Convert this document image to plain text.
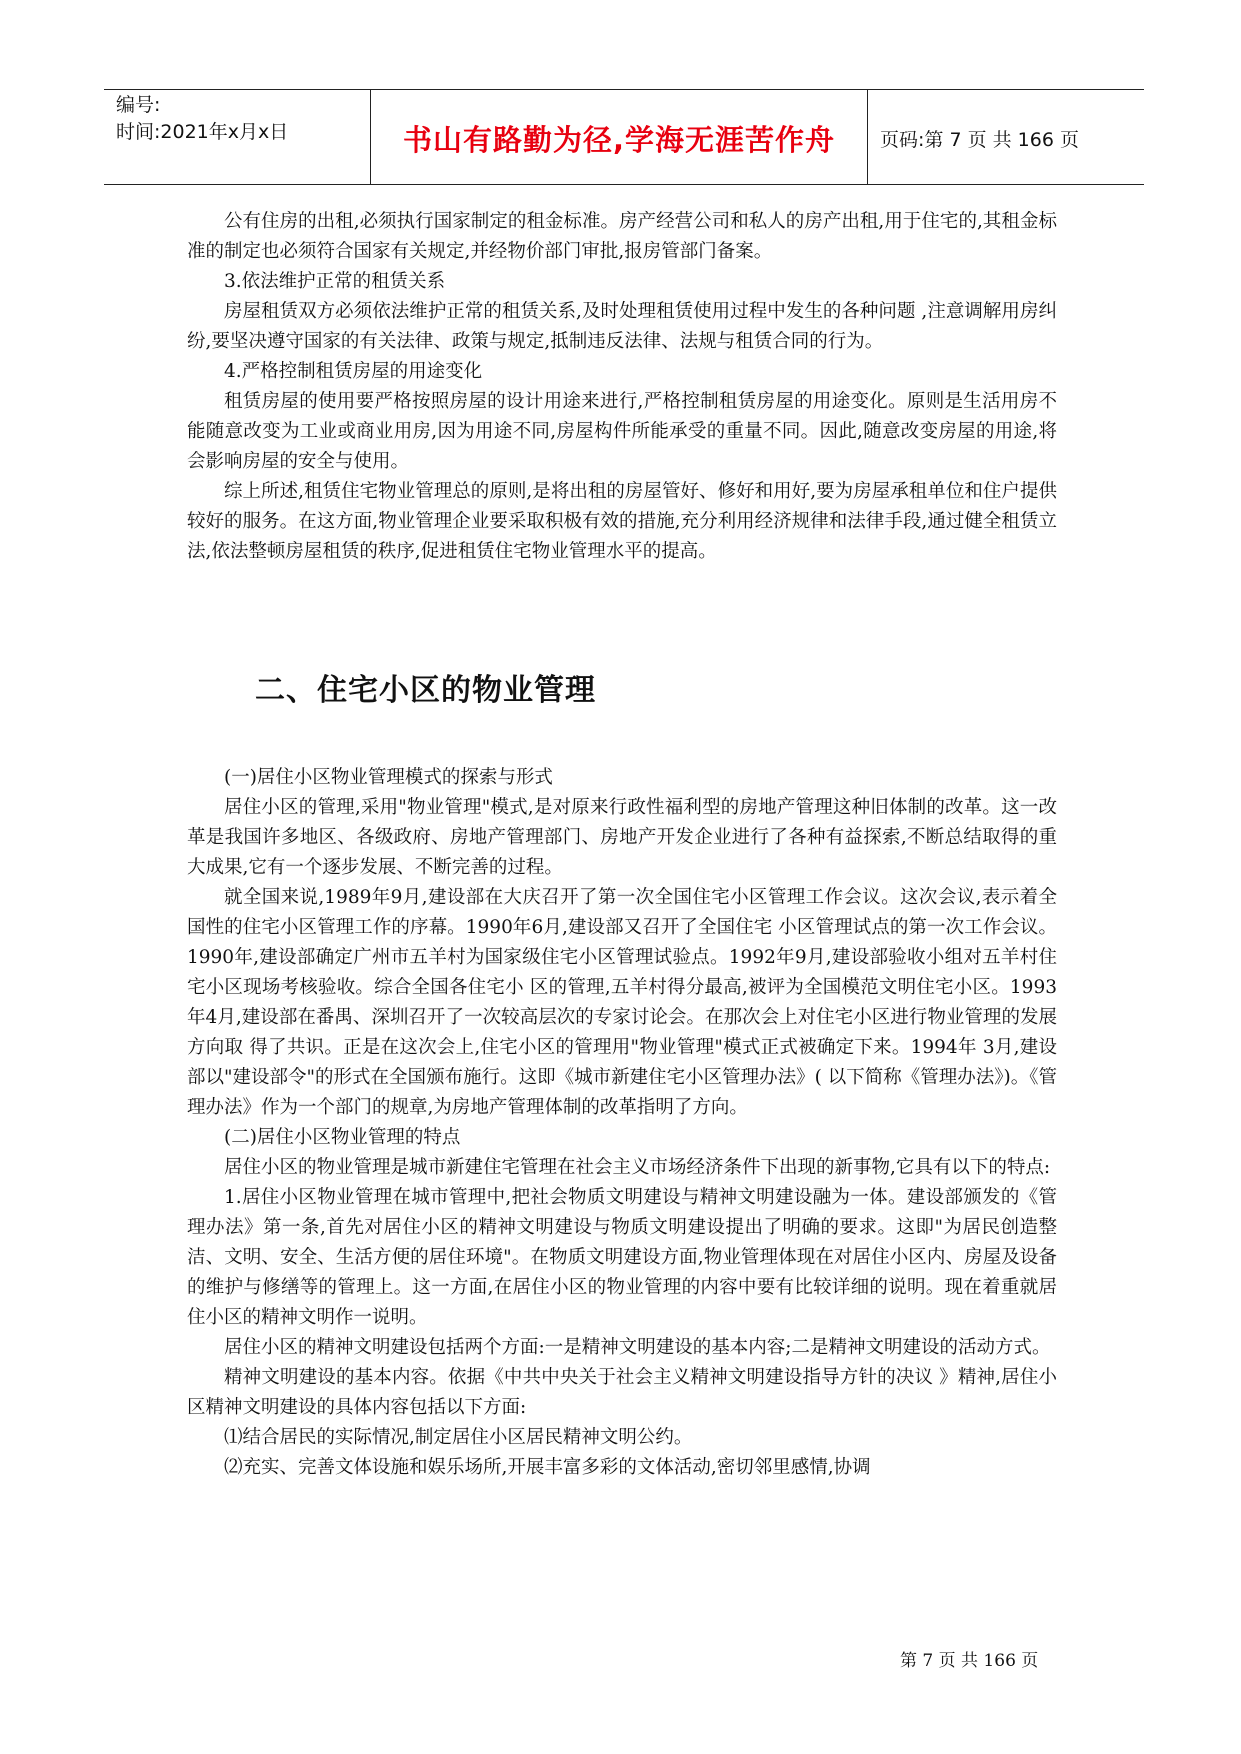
编号:
时间:2021年x月x日	书山有路勤为径,学海无涯苦作舟	页码:第 7 页 共 166 页

公有住房的出租,必须执行国家制定的租金标准。房产经营公司和私人的房产出租,用于住宅的,其租金标准的制定也必须符合国家有关规定,并经物价部门审批,报房管部门备案。

3.依法维护正常的租赁关系

房屋租赁双方必须依法维护正常的租赁关系,及时处理租赁使用过程中发生的各种问题 ,注意调解用房纠纷,要坚决遵守国家的有关法律、政策与规定,抵制违反法律、法规与租赁合同的行为。

4.严格控制租赁房屋的用途变化

租赁房屋的使用要严格按照房屋的设计用途来进行,严格控制租赁房屋的用途变化。原则是生活用房不能随意改变为工业或商业用房,因为用途不同,房屋构件所能承受的重量不同。因此,随意改变房屋的用途,将会影响房屋的安全与使用。

综上所述,租赁住宅物业管理总的原则,是将出租的房屋管好、修好和用好,要为房屋承租单位和住户提供较好的服务。在这方面,物业管理企业要采取积极有效的措施,充分利用经济规律和法律手段,通过健全租赁立法,依法整顿房屋租赁的秩序,促进租赁住宅物业管理水平的提高。

二、住宅小区的物业管理

(一)居住小区物业管理模式的探索与形式

居住小区的管理,采用"物业管理"模式,是对原来行政性福利型的房地产管理这种旧体制的改革。这一改革是我国许多地区、各级政府、房地产管理部门、房地产开发企业进行了各种有益探索,不断总结取得的重大成果,它有一个逐步发展、不断完善的过程。

就全国来说,1989年9月,建设部在大庆召开了第一次全国住宅小区管理工作会议。这次会议,表示着全国性的住宅小区管理工作的序幕。1990年6月,建设部又召开了全国住宅 小区管理试点的第一次工作会议。1990年,建设部确定广州市五羊村为国家级住宅小区管理试验点。1992年9月,建设部验收小组对五羊村住宅小区现场考核验收。综合全国各住宅小 区的管理,五羊村得分最高,被评为全国模范文明住宅小区。1993年4月,建设部在番禺、深圳召开了一次较高层次的专家讨论会。在那次会上对住宅小区进行物业管理的发展方向取 得了共识。正是在这次会上,住宅小区的管理用"物业管理"模式正式被确定下来。1994年 3月,建设部以"建设部令"的形式在全国颁布施行。这即《城市新建住宅小区管理办法》( 以下简称《管理办法》)。《管理办法》作为一个部门的规章,为房地产管理体制的改革指明了方向。

(二)居住小区物业管理的特点

居住小区的物业管理是城市新建住宅管理在社会主义市场经济条件下出现的新事物,它具有以下的特点:

1.居住小区物业管理在城市管理中,把社会物质文明建设与精神文明建设融为一体。建设部颁发的《管理办法》第一条,首先对居住小区的精神文明建设与物质文明建设提出了明确的要求。这即"为居民创造整洁、文明、安全、生活方便的居住环境"。在物质文明建设方面,物业管理体现在对居住小区内、房屋及设备的维护与修缮等的管理上。这一方面,在居住小区的物业管理的内容中要有比较详细的说明。现在着重就居住小区的精神文明作一说明。

居住小区的精神文明建设包括两个方面:一是精神文明建设的基本内容;二是精神文明建设的活动方式。

精神文明建设的基本内容。依据《中共中央关于社会主义精神文明建设指导方针的决议 》精神,居住小区精神文明建设的具体内容包括以下方面:

⑴结合居民的实际情况,制定居住小区居民精神文明公约。

⑵充实、完善文体设施和娱乐场所,开展丰富多彩的文体活动,密切邻里感情,协调

第 7 页 共 166 页
